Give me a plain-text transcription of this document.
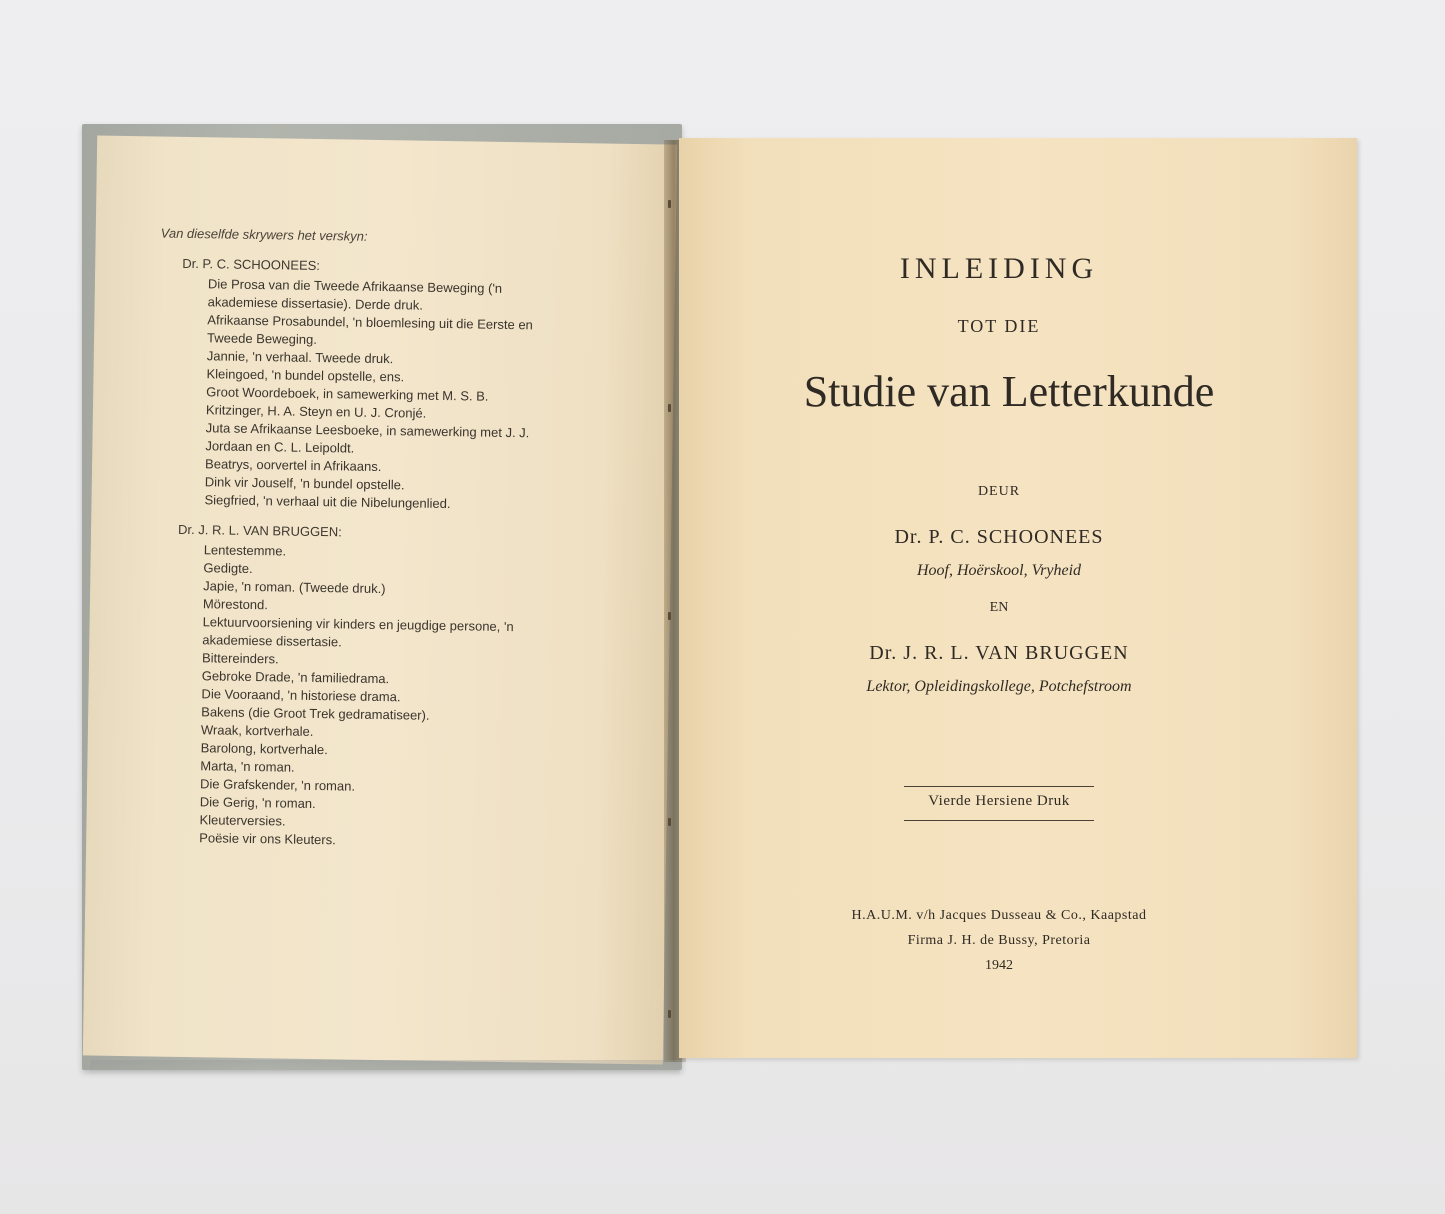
Van dieselfde skrywers het verskyn:
Dr. P. C. SCHOONEES:
Die Prosa van die Tweede Afrikaanse Beweging ('n
akademiese dissertasie). Derde druk.
Afrikaanse Prosabundel, 'n bloemlesing uit die Eerste en
Tweede Beweging.
Jannie, 'n verhaal. Tweede druk.
Kleingoed, 'n bundel opstelle, ens.
Groot Woordeboek, in samewerking met M. S. B.
Kritzinger, H. A. Steyn en U. J. Cronjé.
Juta se Afrikaanse Leesboeke, in samewerking met J. J.
Jordaan en C. L. Leipoldt.
Beatrys, oorvertel in Afrikaans.
Dink vir Jouself, 'n bundel opstelle.
Siegfried, 'n verhaal uit die Nibelungenlied.
Dr. J. R. L. VAN BRUGGEN:
Lentestemme.
Gedigte.
Japie, 'n roman. (Tweede druk.)
Mörestond.
Lektuurvoorsiening vir kinders en jeugdige persone, 'n
akademiese dissertasie.
Bittereinders.
Gebroke Drade, 'n familiedrama.
Die Vooraand, 'n historiese drama.
Bakens (die Groot Trek gedramatiseer).
Wraak, kortverhale.
Barolong, kortverhale.
Marta, 'n roman.
Die Grafskender, 'n roman.
Die Gerig, 'n roman.
Kleuterversies.
Poësie vir ons Kleuters.
INLEIDING
TOT DIE
Studie van Letterkunde
DEUR
Dr. P. C. SCHOONEES
Hoof, Hoërskool, Vryheid
EN
Dr. J. R. L. VAN BRUGGEN
Lektor, Opleidingskollege, Potchefstroom
Vierde Hersiene Druk
H.A.U.M. v/h Jacques Dusseau & Co., Kaapstad
Firma J. H. de Bussy, Pretoria
1942
